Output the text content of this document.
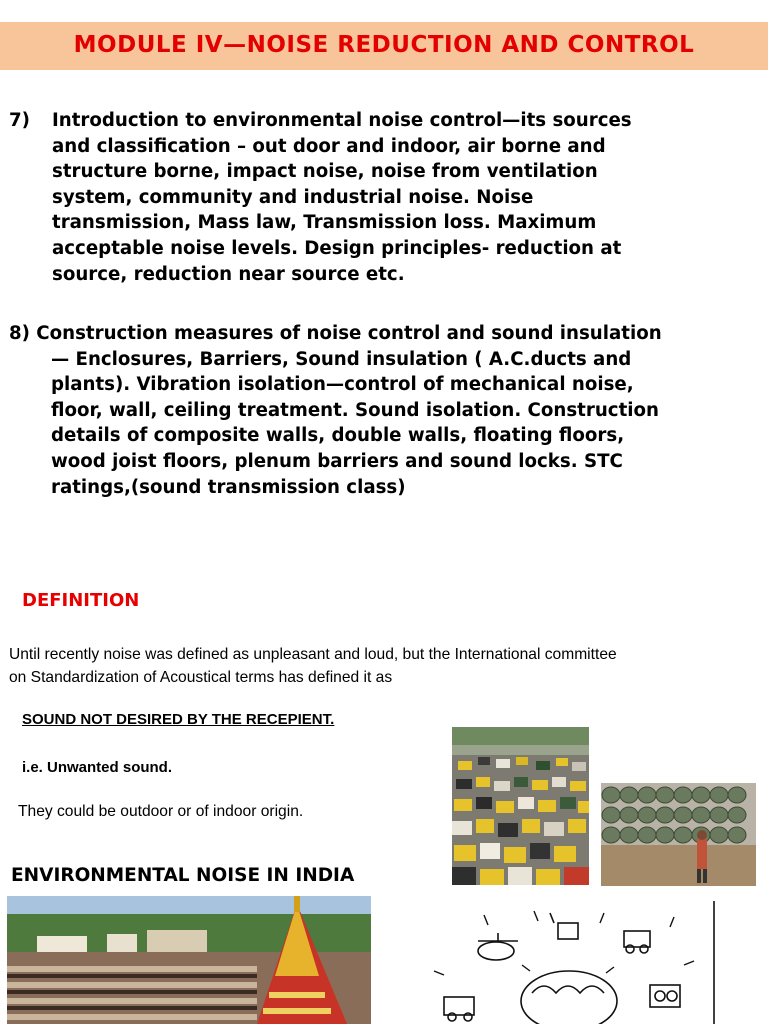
MODULE IV—NOISE REDUCTION AND CONTROL
7) Introduction to environmental noise control—its sources
and classification – out door and indoor, air borne and
structure borne, impact noise, noise from ventilation
system, community and industrial noise. Noise
transmission, Mass law, Transmission loss. Maximum
acceptable noise levels. Design principles- reduction at
source, reduction near source etc.
8) Construction measures of noise control and sound insulation
— Enclosures, Barriers, Sound insulation ( A.C.ducts and
plants). Vibration isolation—control of mechanical noise,
floor, wall, ceiling treatment. Sound isolation. Construction
details of composite walls, double walls, floating floors,
wood joist floors, plenum barriers and sound locks. STC
ratings,(sound transmission class)
DEFINITION
Until recently noise was defined as unpleasant and loud, but the International committee
on Standardization of Acoustical terms has defined it as
SOUND NOT DESIRED BY THE RECEPIENT.
i.e. Unwanted sound.
They could be outdoor or of indoor origin.
ENVIRONMENTAL NOISE IN INDIA
